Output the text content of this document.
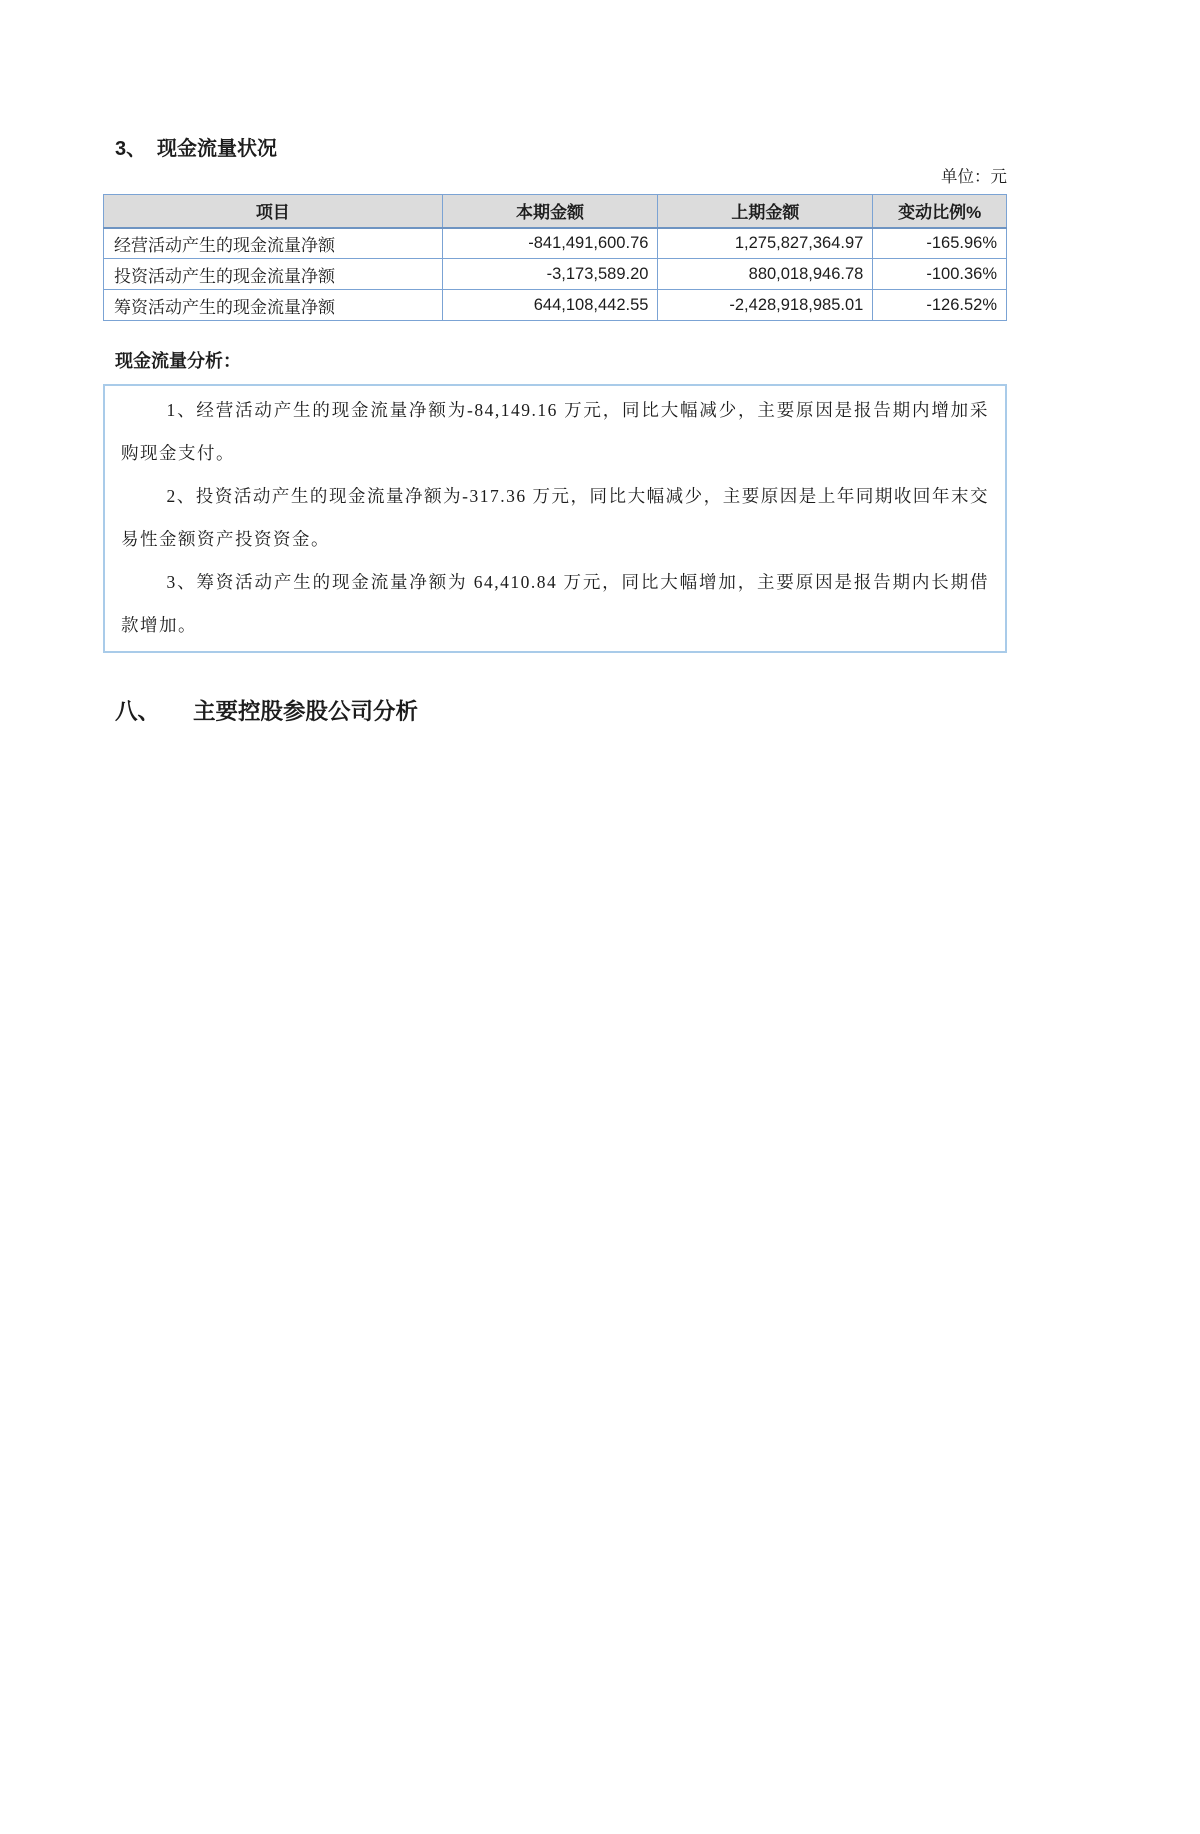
3、 现金流量状况
单位：元
项目	本期金额	上期金额	变动比例%
经营活动产生的现金流量净额	-841,491,600.76	1,275,827,364.97	-165.96%
投资活动产生的现金流量净额	-3,173,589.20	880,018,946.78	-100.36%
筹资活动产生的现金流量净额	644,108,442.55	-2,428,918,985.01	-126.52%
现金流量分析：

1、经营活动产生的现金流量净额为-84,149.16 万元，同比大幅减少，主要原因是报告期内增加采购现金支付。

2、投资活动产生的现金流量净额为-317.36 万元，同比大幅减少，主要原因是上年同期收回年末交易性金额资产投资资金。

3、筹资活动产生的现金流量净额为 64,410.84 万元，同比大幅增加，主要原因是报告期内长期借款增加。

八、	主要控股参股公司分析
